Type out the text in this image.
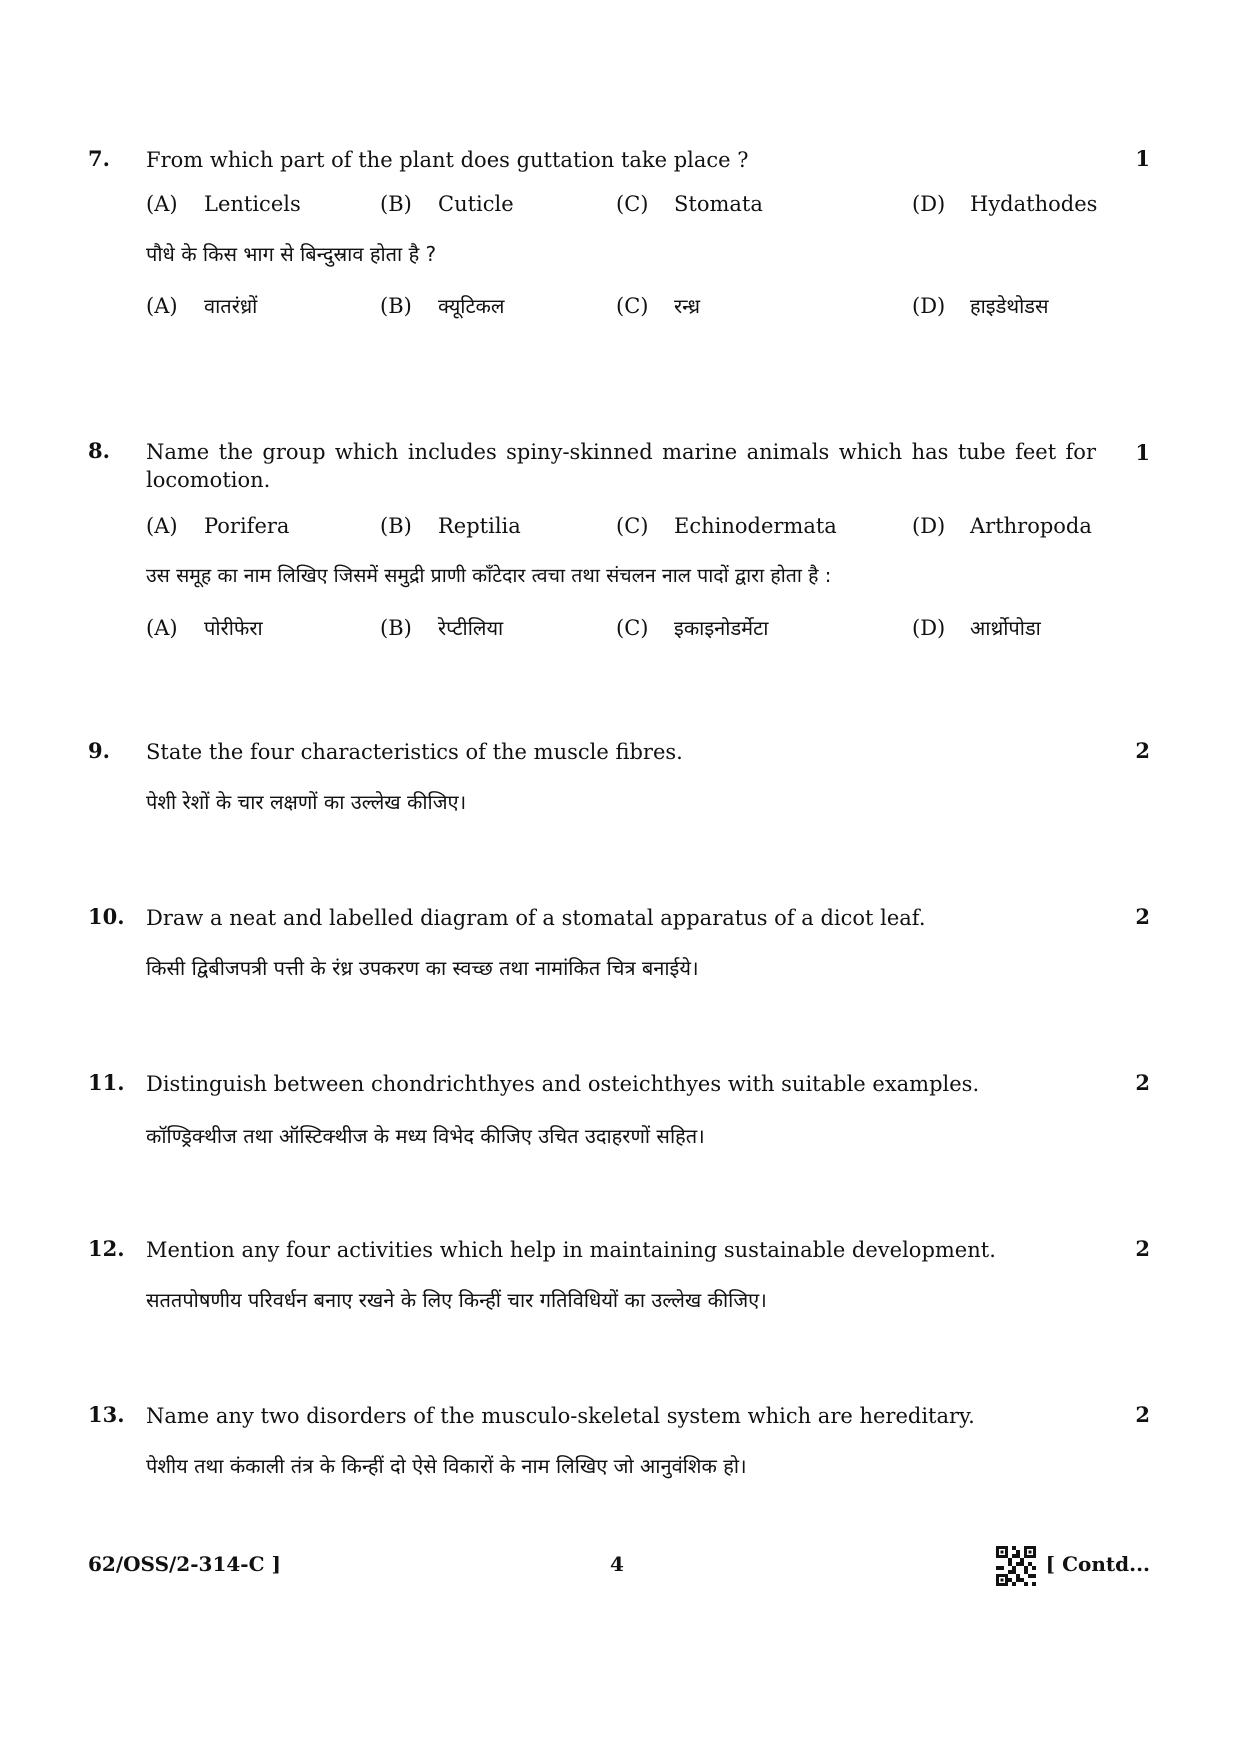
7. From which part of the plant does guttation take place ?	1
(A) Lenticels	(B) Cuticle	(C) Stomata	(D) Hydathodes
पौधे के किस भाग से बिन्दुस्राव होता है ?
(A) वातरंध्रों	(B) क्यूटिकल	(C) रन्ध्र	(D) हाइडेथोडस
8. Name the group which includes spiny-skinned marine animals which has tube feet for locomotion.
1
(A) Porifera	(B) Reptilia	(C) Echinodermata	(D) Arthropoda
उस समूह का नाम लिखिए जिसमें समुद्री प्राणी काँटेदार त्वचा तथा संचलन नाल पादों द्वारा होता है :
(A) पोरीफेरा	(B) रेप्टीलिया	(C) इकाइनोडर्मेटा	(D) आर्थ्रोपोडा
9. State the four characteristics of the muscle fibres.	2
पेशी रेशों के चार लक्षणों का उल्लेख कीजिए।
10. Draw a neat and labelled diagram of a stomatal apparatus of a dicot leaf.	2
किसी द्विबीजपत्री पत्ती के रंध्र उपकरण का स्वच्छ तथा नामांकित चित्र बनाईये।
11. Distinguish between chondrichthyes and osteichthyes with suitable examples.	2
कॉण्ड्रिक्थीज तथा ऑस्टिक्थीज के मध्य विभेद कीजिए उचित उदाहरणों सहित।
12. Mention any four activities which help in maintaining sustainable development.	2
सततपोषणीय परिवर्धन बनाए रखने के लिए किन्हीं चार गतिविधियों का उल्लेख कीजिए।
13. Name any two disorders of the musculo-skeletal system which are hereditary.	2
पेशीय तथा कंकाली तंत्र के किन्हीं दो ऐसे विकारों के नाम लिखिए जो आनुवंशिक हो।
62/OSS/2-314-C ]	4	[ Contd...
